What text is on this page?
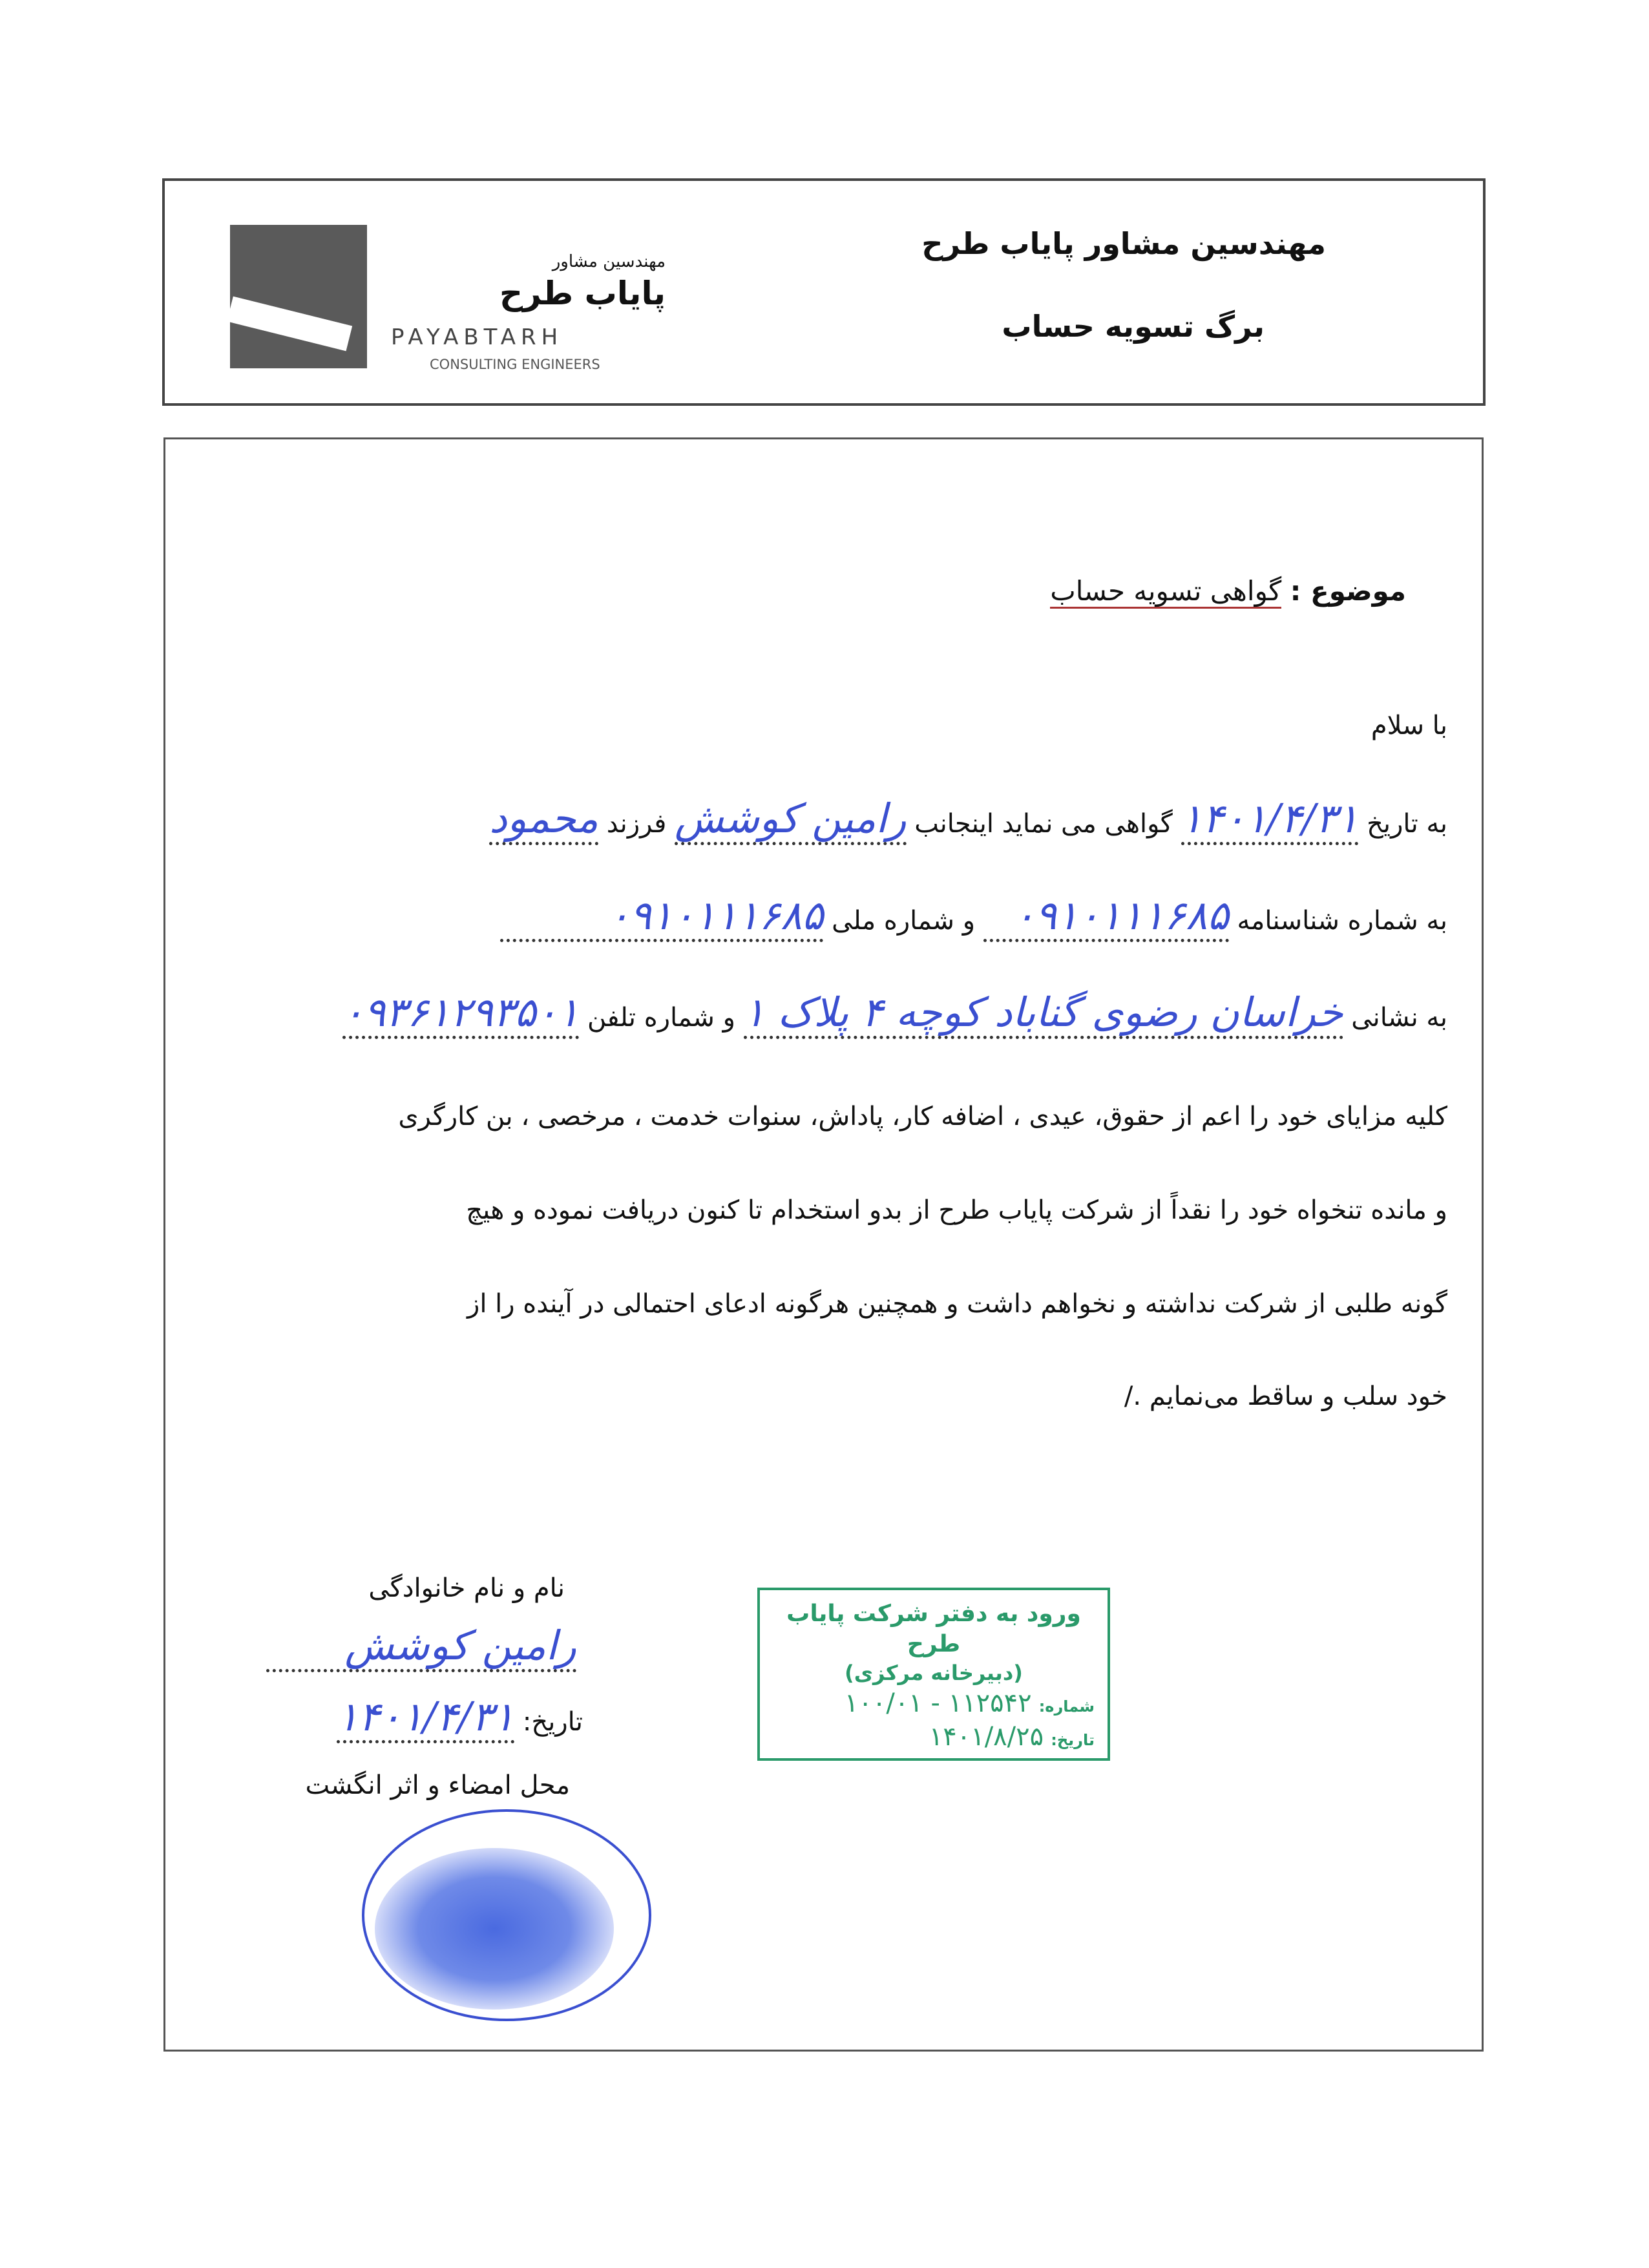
مهندسین مشاور
پایاب طرح
PAYABTARH
CONSULTING ENGINEERS
مهندسین مشاور پایاب طرح
برگ تسویه حساب
موضوع : گواهی تسویه حساب
با سلام
به تاریخ ۱۴۰۱/۴/۳۱ گواهی می نماید اینجانب رامین کوشش فرزند محمود
به شماره شناسنامه ۰۹۱۰۱۱۱۶۸۵ و شماره ملی ۰۹۱۰۱۱۱۶۸۵
به نشانی خراسان رضوی گناباد کوچه ۴ پلاک ۱ و شماره تلفن ۰۹۳۶۱۲۹۳۵۰۱
کلیه مزایای خود را اعم از حقوق، عیدی ، اضافه کار، پاداش، سنوات خدمت ، مرخصی ، بن کارگری
و مانده تنخواه خود را نقداً از شرکت پایاب طرح از بدو استخدام تا کنون دریافت نموده و هیچ
گونه طلبی از شرکت نداشته و نخواهم داشت و همچنین هرگونه ادعای احتمالی در آینده را از
خود سلب و ساقط می‌نمایم ./
نام و نام خانوادگی
رامین کوشش
تاریخ: ۱۴۰۱/۴/۳۱
محل امضاء و اثر انگشت
ورود به دفتر شرکت پایاب طرح
(دبیرخانه مرکزی)
شماره: ۱۱۲۵۴۲ - ۱۰۰/۰۱
تاریخ: ۱۴۰۱/۸/۲۵
